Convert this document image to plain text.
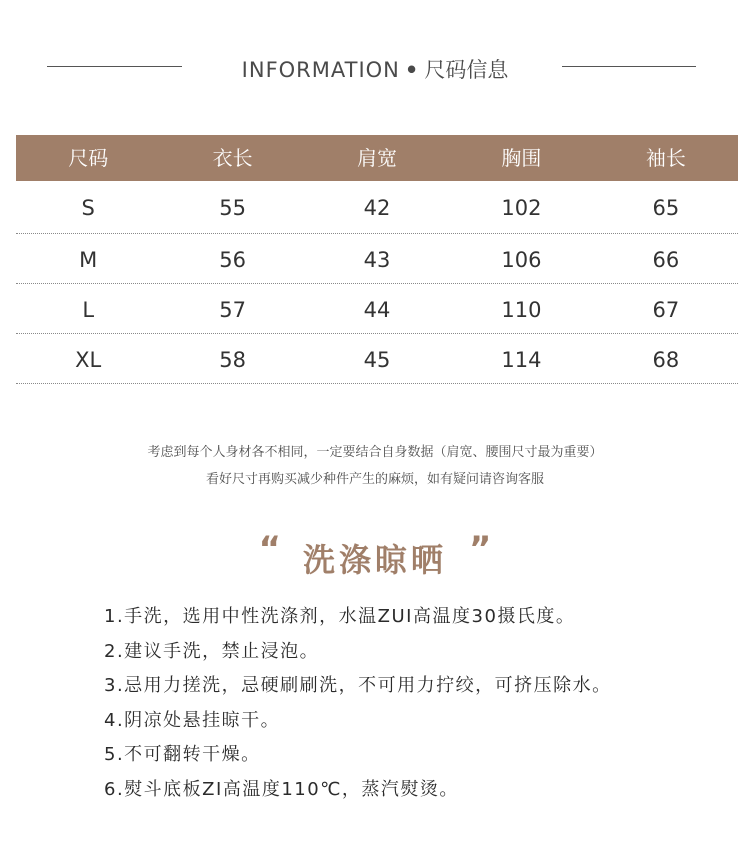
INFORMATION • 尺码信息
尺码	衣长	肩宽	胸围	袖长
S	55	42	102	65
M	56	43	106	66
L	57	44	110	67
XL	58	45	114	68
考虑到每个人身材各不相同，一定要结合自身数据（肩宽、腰围尺寸最为重要）
看好尺寸再购买减少种件产生的麻烦，如有疑问请咨询客服
“ 洗涤晾晒 ”
1.手洗，选用中性洗涤剂，水温ZUI高温度30摄氏度。
2.建议手洗，禁止浸泡。
3.忌用力搓洗，忌硬刷刷洗，不可用力拧绞，可挤压除水。
4.阴凉处悬挂晾干。
5.不可翻转干燥。
6.熨斗底板ZI高温度110℃，蒸汽熨烫。
